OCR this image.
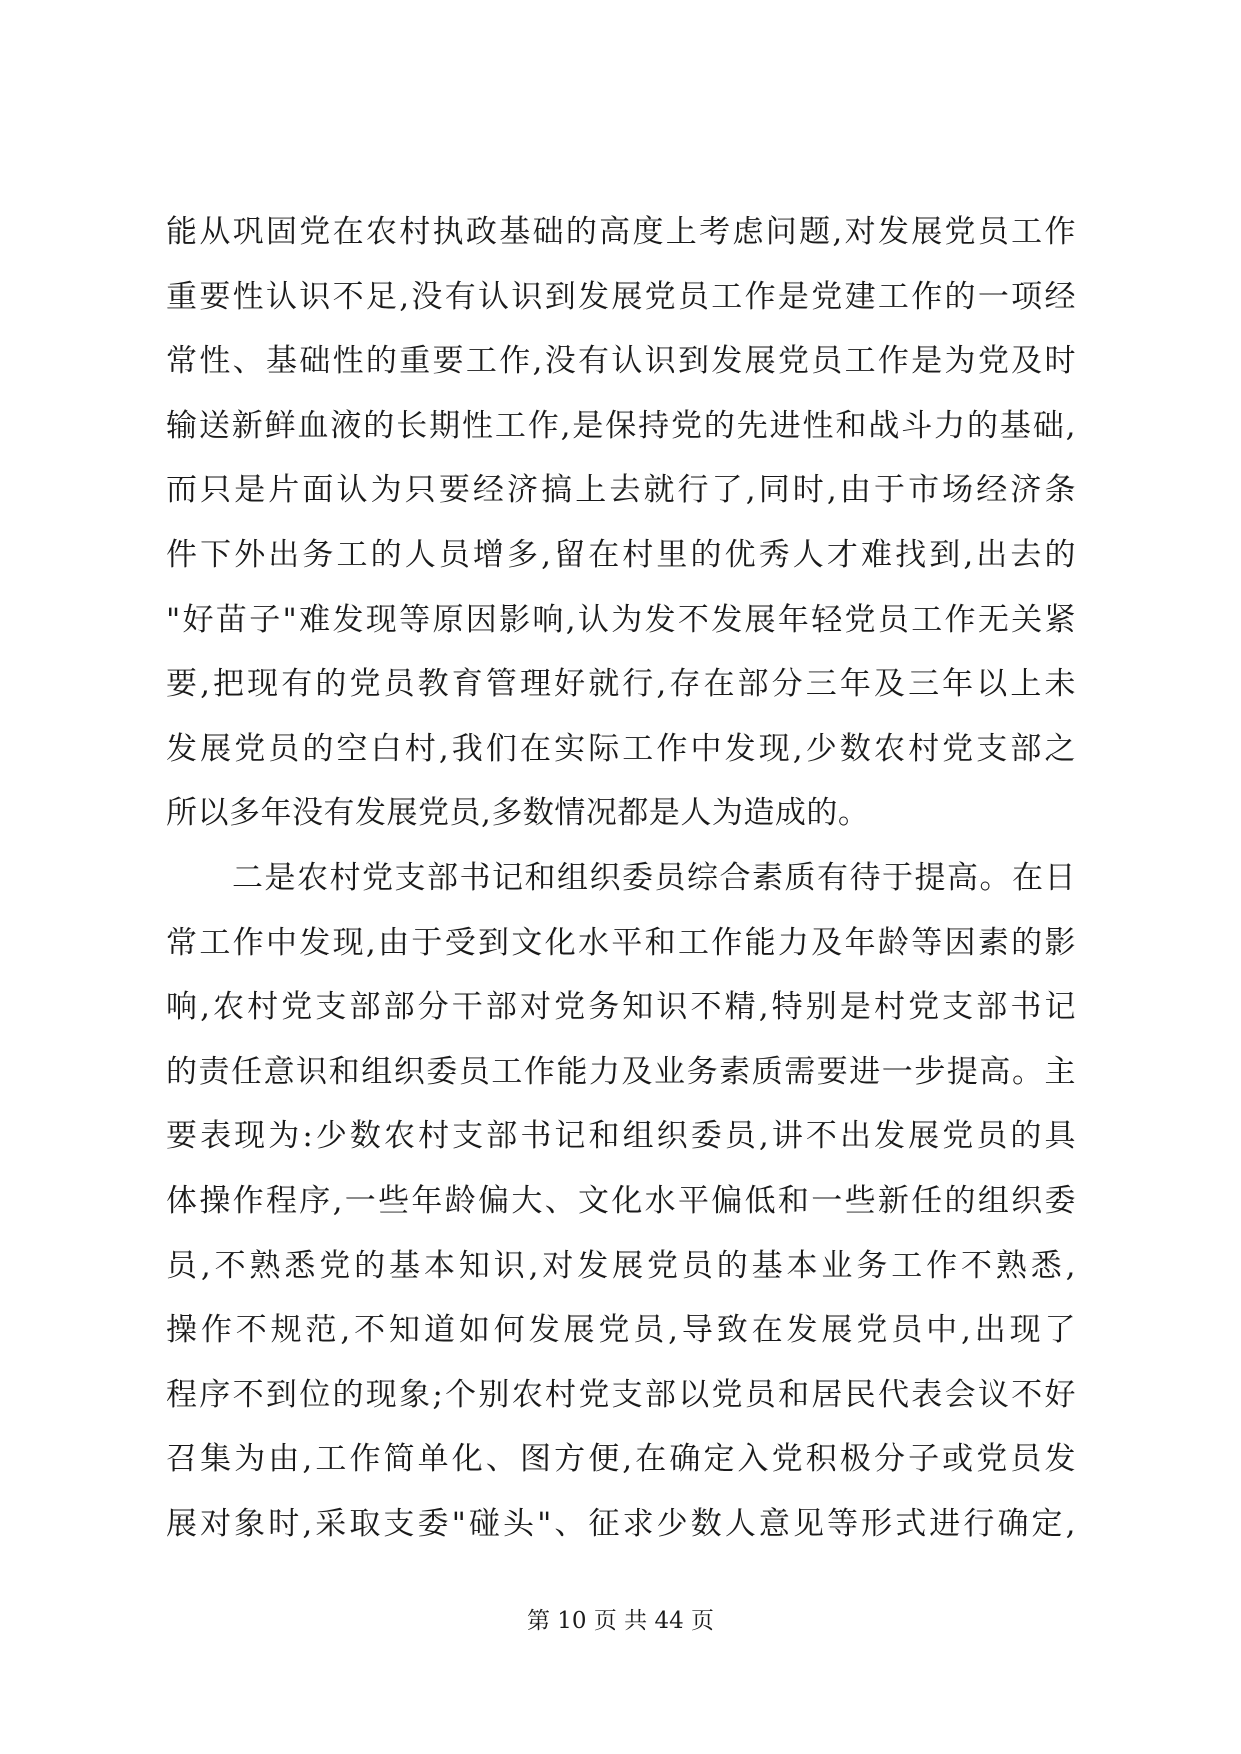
能从巩固党在农村执政基础的高度上考虑问题,对发展党员工作
重要性认识不足,没有认识到发展党员工作是党建工作的一项经
常性、基础性的重要工作,没有认识到发展党员工作是为党及时
输送新鲜血液的长期性工作,是保持党的先进性和战斗力的基础,
而只是片面认为只要经济搞上去就行了,同时,由于市场经济条
件下外出务工的人员增多,留在村里的优秀人才难找到,出去的
"好苗子"难发现等原因影响,认为发不发展年轻党员工作无关紧
要,把现有的党员教育管理好就行,存在部分三年及三年以上未
发展党员的空白村,我们在实际工作中发现,少数农村党支部之
所以多年没有发展党员,多数情况都是人为造成的。
二是农村党支部书记和组织委员综合素质有待于提高。在日
常工作中发现,由于受到文化水平和工作能力及年龄等因素的影
响,农村党支部部分干部对党务知识不精,特别是村党支部书记
的责任意识和组织委员工作能力及业务素质需要进一步提高。主
要表现为:少数农村支部书记和组织委员,讲不出发展党员的具
体操作程序,一些年龄偏大、文化水平偏低和一些新任的组织委
员,不熟悉党的基本知识,对发展党员的基本业务工作不熟悉,
操作不规范,不知道如何发展党员,导致在发展党员中,出现了
程序不到位的现象;个别农村党支部以党员和居民代表会议不好
召集为由,工作简单化、图方便,在确定入党积极分子或党员发
展对象时,采取支委"碰头"、征求少数人意见等形式进行确定,
第 10 页 共 44 页
